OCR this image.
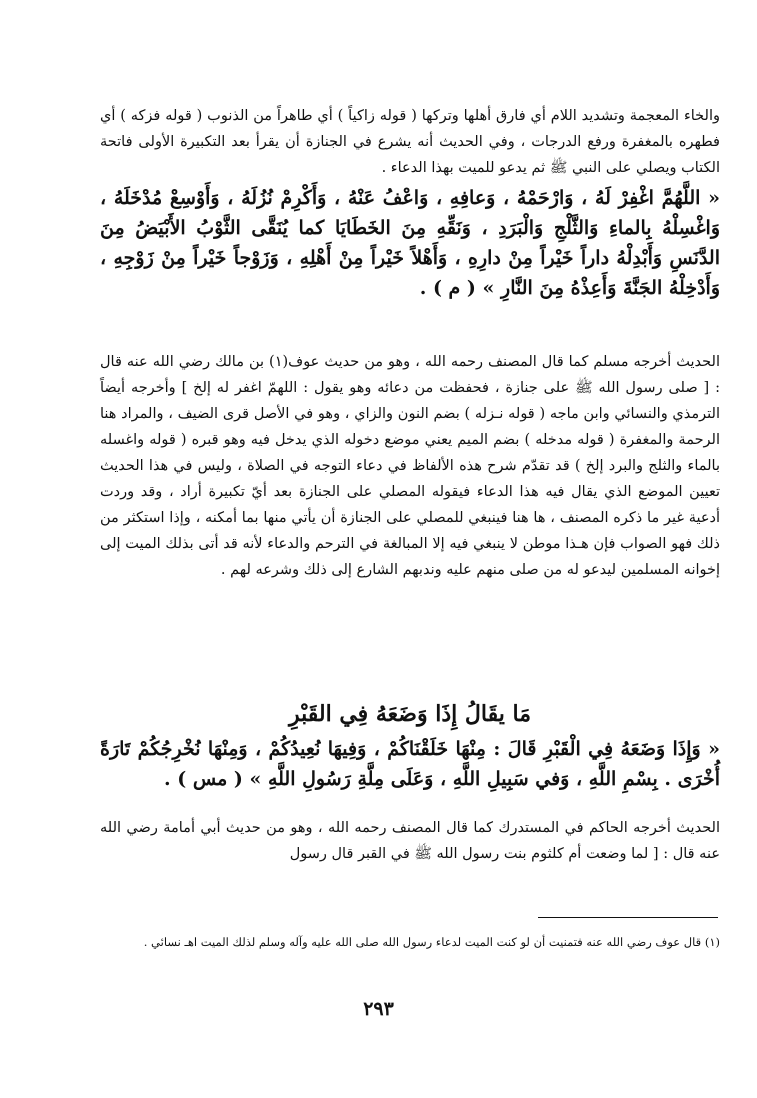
والخاء المعجمة وتشديد اللام أي فارق أهلها وتركها ( قوله زاكياً ) أي طاهراً من الذنوب ( قوله فزكه ) أي فطهره بالمغفرة ورفع الدرجات ، وفي الحديث أنه يشرع في الجنازة أن يقرأ بعد التكبيرة الأولى فاتحة الكتاب ويصلي على النبي ﷺ ثم يدعو للميت بهذا الدعاء .
« اللَّهُمَّ اغْفِرْ لَهُ ، وَارْحَمْهُ ، وَعافِهِ ، وَاعْفُ عَنْهُ ، وَأَكْرِمْ نُزُلَهُ ، وَأَوْسِعْ مُدْخَلَهُ ، وَاغْسِلْهُ بِالماءِ وَالثَّلْجِ وَالْبَرَدِ ، وَنَقِّهِ مِنَ الخَطَايَا كما يُنَقَّى الثَّوْبُ الأَبْيَضُ مِنَ الدَّنَسِ وَأَبْدِلْهُ داراً خَيْراً مِنْ دارِهِ ، وَأَهْلاً خَيْراً مِنْ أَهْلِهِ ، وَزَوْجاً خَيْراً مِنْ زَوْجِهِ ، وَأَدْخِلْهُ الجَنَّةَ وَأَعِذْهُ مِنَ النَّارِ » ( م ) .
الحديث أخرجه مسلم كما قال المصنف رحمه الله ، وهو من حديث عوف(١) بن مالك رضي الله عنه قال : [ صلى رسول الله ﷺ على جنازة ، فحفظت من دعائه وهو يقول : اللهمّ اغفر له إلخ ] وأخرجه أيضاً الترمذي والنسائي وابن ماجه ( قوله نـزله ) بضم النون والزاي ، وهو في الأصل قرى الضيف ، والمراد هنا الرحمة والمغفرة ( قوله مدخله ) بضم الميم يعني موضع دخوله الذي يدخل فيه وهو قبره ( قوله واغسله بالماء والثلج والبرد إلخ ) قد تقدّم شرح هذه الألفاظ في دعاء التوجه في الصلاة ، وليس في هذا الحديث تعيين الموضع الذي يقال فيه هذا الدعاء فيقوله المصلي على الجنازة بعد أيّ تكبيرة أراد ، وقد وردت أدعية غير ما ذكره المصنف ، ها هنا فينبغي للمصلي على الجنازة أن يأتي منها بما أمكنه ، وإذا استكثر من ذلك فهو الصواب فإن هـذا موطن لا ينبغي فيه إلا المبالغة في الترحم والدعاء لأنه قد أتى بذلك الميت إلى إخوانه المسلمين ليدعو له من صلى منهم عليه وندبهم الشارع إلى ذلك وشرعه لهم .
مَا يقَالُ إِذَا وَضَعَهُ فِي القَبْرِ
« وَإِذَا وَضَعَهُ فِي الْقَبْرِ قَالَ : مِنْهَا خَلَقْنَاكُمْ ، وَفِيهَا نُعِيدُكُمْ ، وَمِنْهَا نُخْرِجُكُمْ تَارَةً أُخْرَى . بِسْمِ اللَّهِ ، وَفي سَبِيلِ اللَّهِ ، وَعَلَى مِلَّةِ رَسُولِ اللَّهِ » ( مس ) .
الحديث أخرجه الحاكم في المستدرك كما قال المصنف رحمه الله ، وهو من حديث أبي أمامة رضي الله عنه قال : [ لما وضعت أم كلثوم بنت رسول الله ﷺ في القبر قال رسول
(١) قال عوف رضي الله عنه فتمنيت أن لو كنت الميت لدعاء رسول الله صلى الله عليه وآله وسلم لذلك الميت اهـ نسائي .
٢٩٣
